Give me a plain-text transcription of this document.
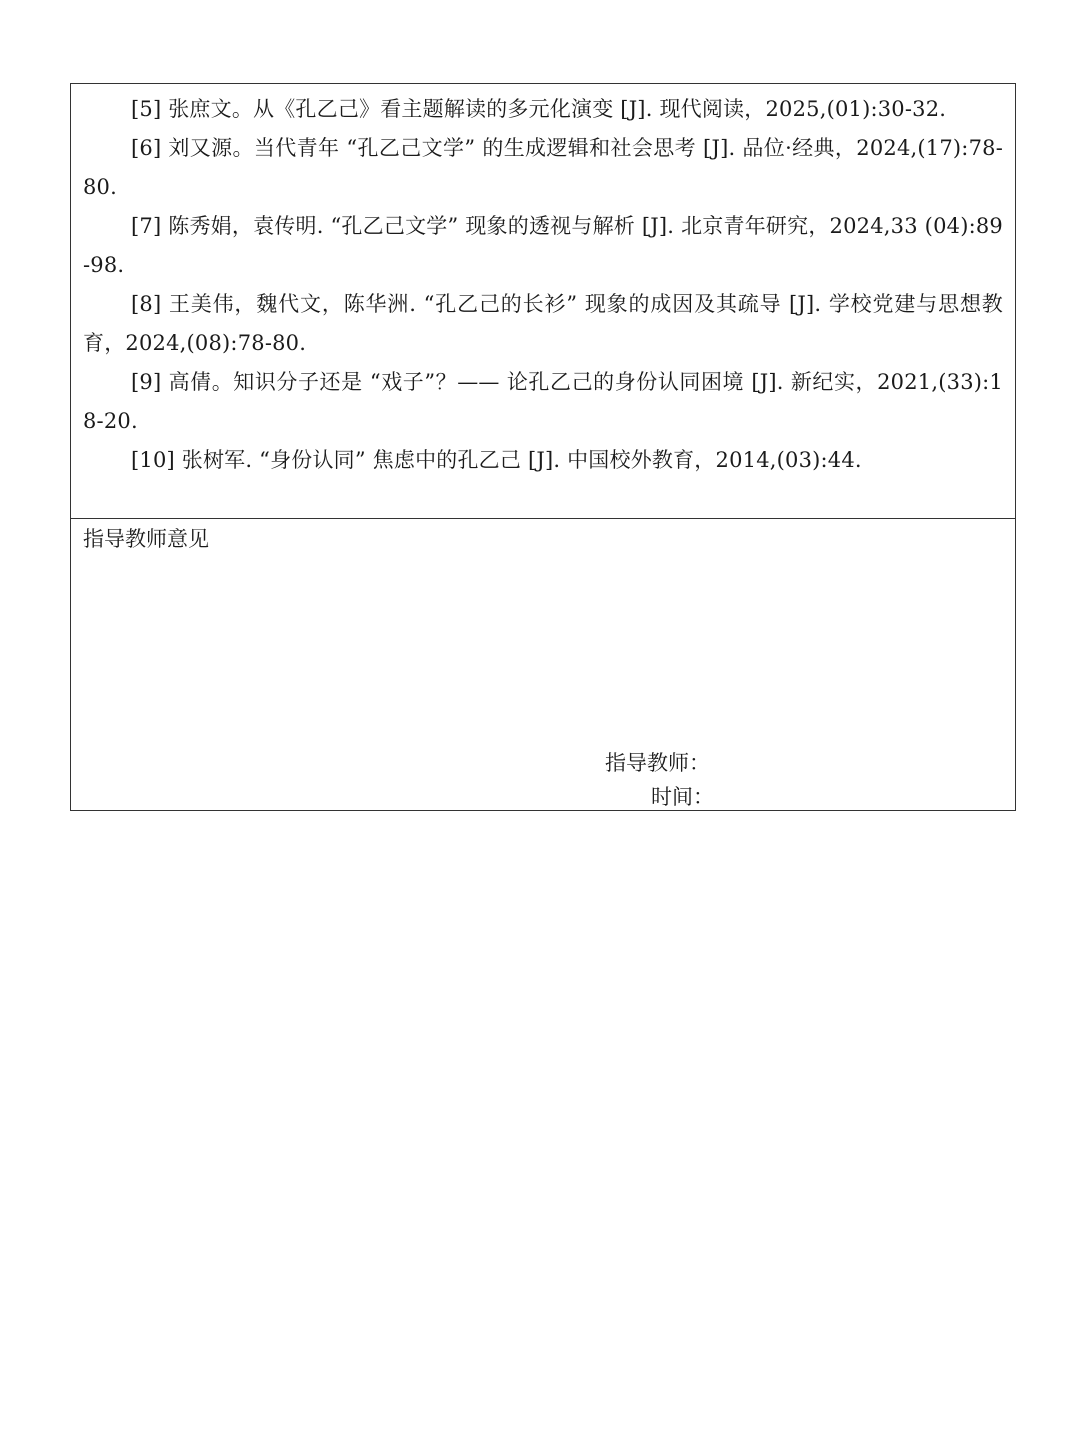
[5] 张庶文。从《孔乙己》看主题解读的多元化演变 [J]. 现代阅读，2025,(01):30-32.

[6] 刘又源。当代青年 “孔乙己文学” 的生成逻辑和社会思考 [J]. 品位·经典，2024,(17):78-80.

[7] 陈秀娟，袁传明. “孔乙己文学” 现象的透视与解析 [J]. 北京青年研究，2024,33 (04):89-98.

[8] 王美伟，魏代文，陈华洲. “孔乙己的长衫” 现象的成因及其疏导 [J]. 学校党建与思想教育，2024,(08):78-80.

[9] 高倩。知识分子还是 “戏子”？—— 论孔乙己的身份认同困境 [J]. 新纪实，2021,(33):18-20.

[10] 张树军. “身份认同” 焦虑中的孔乙己 [J]. 中国校外教育，2014,(03):44.

指导教师意见

指导教师：
时间：
